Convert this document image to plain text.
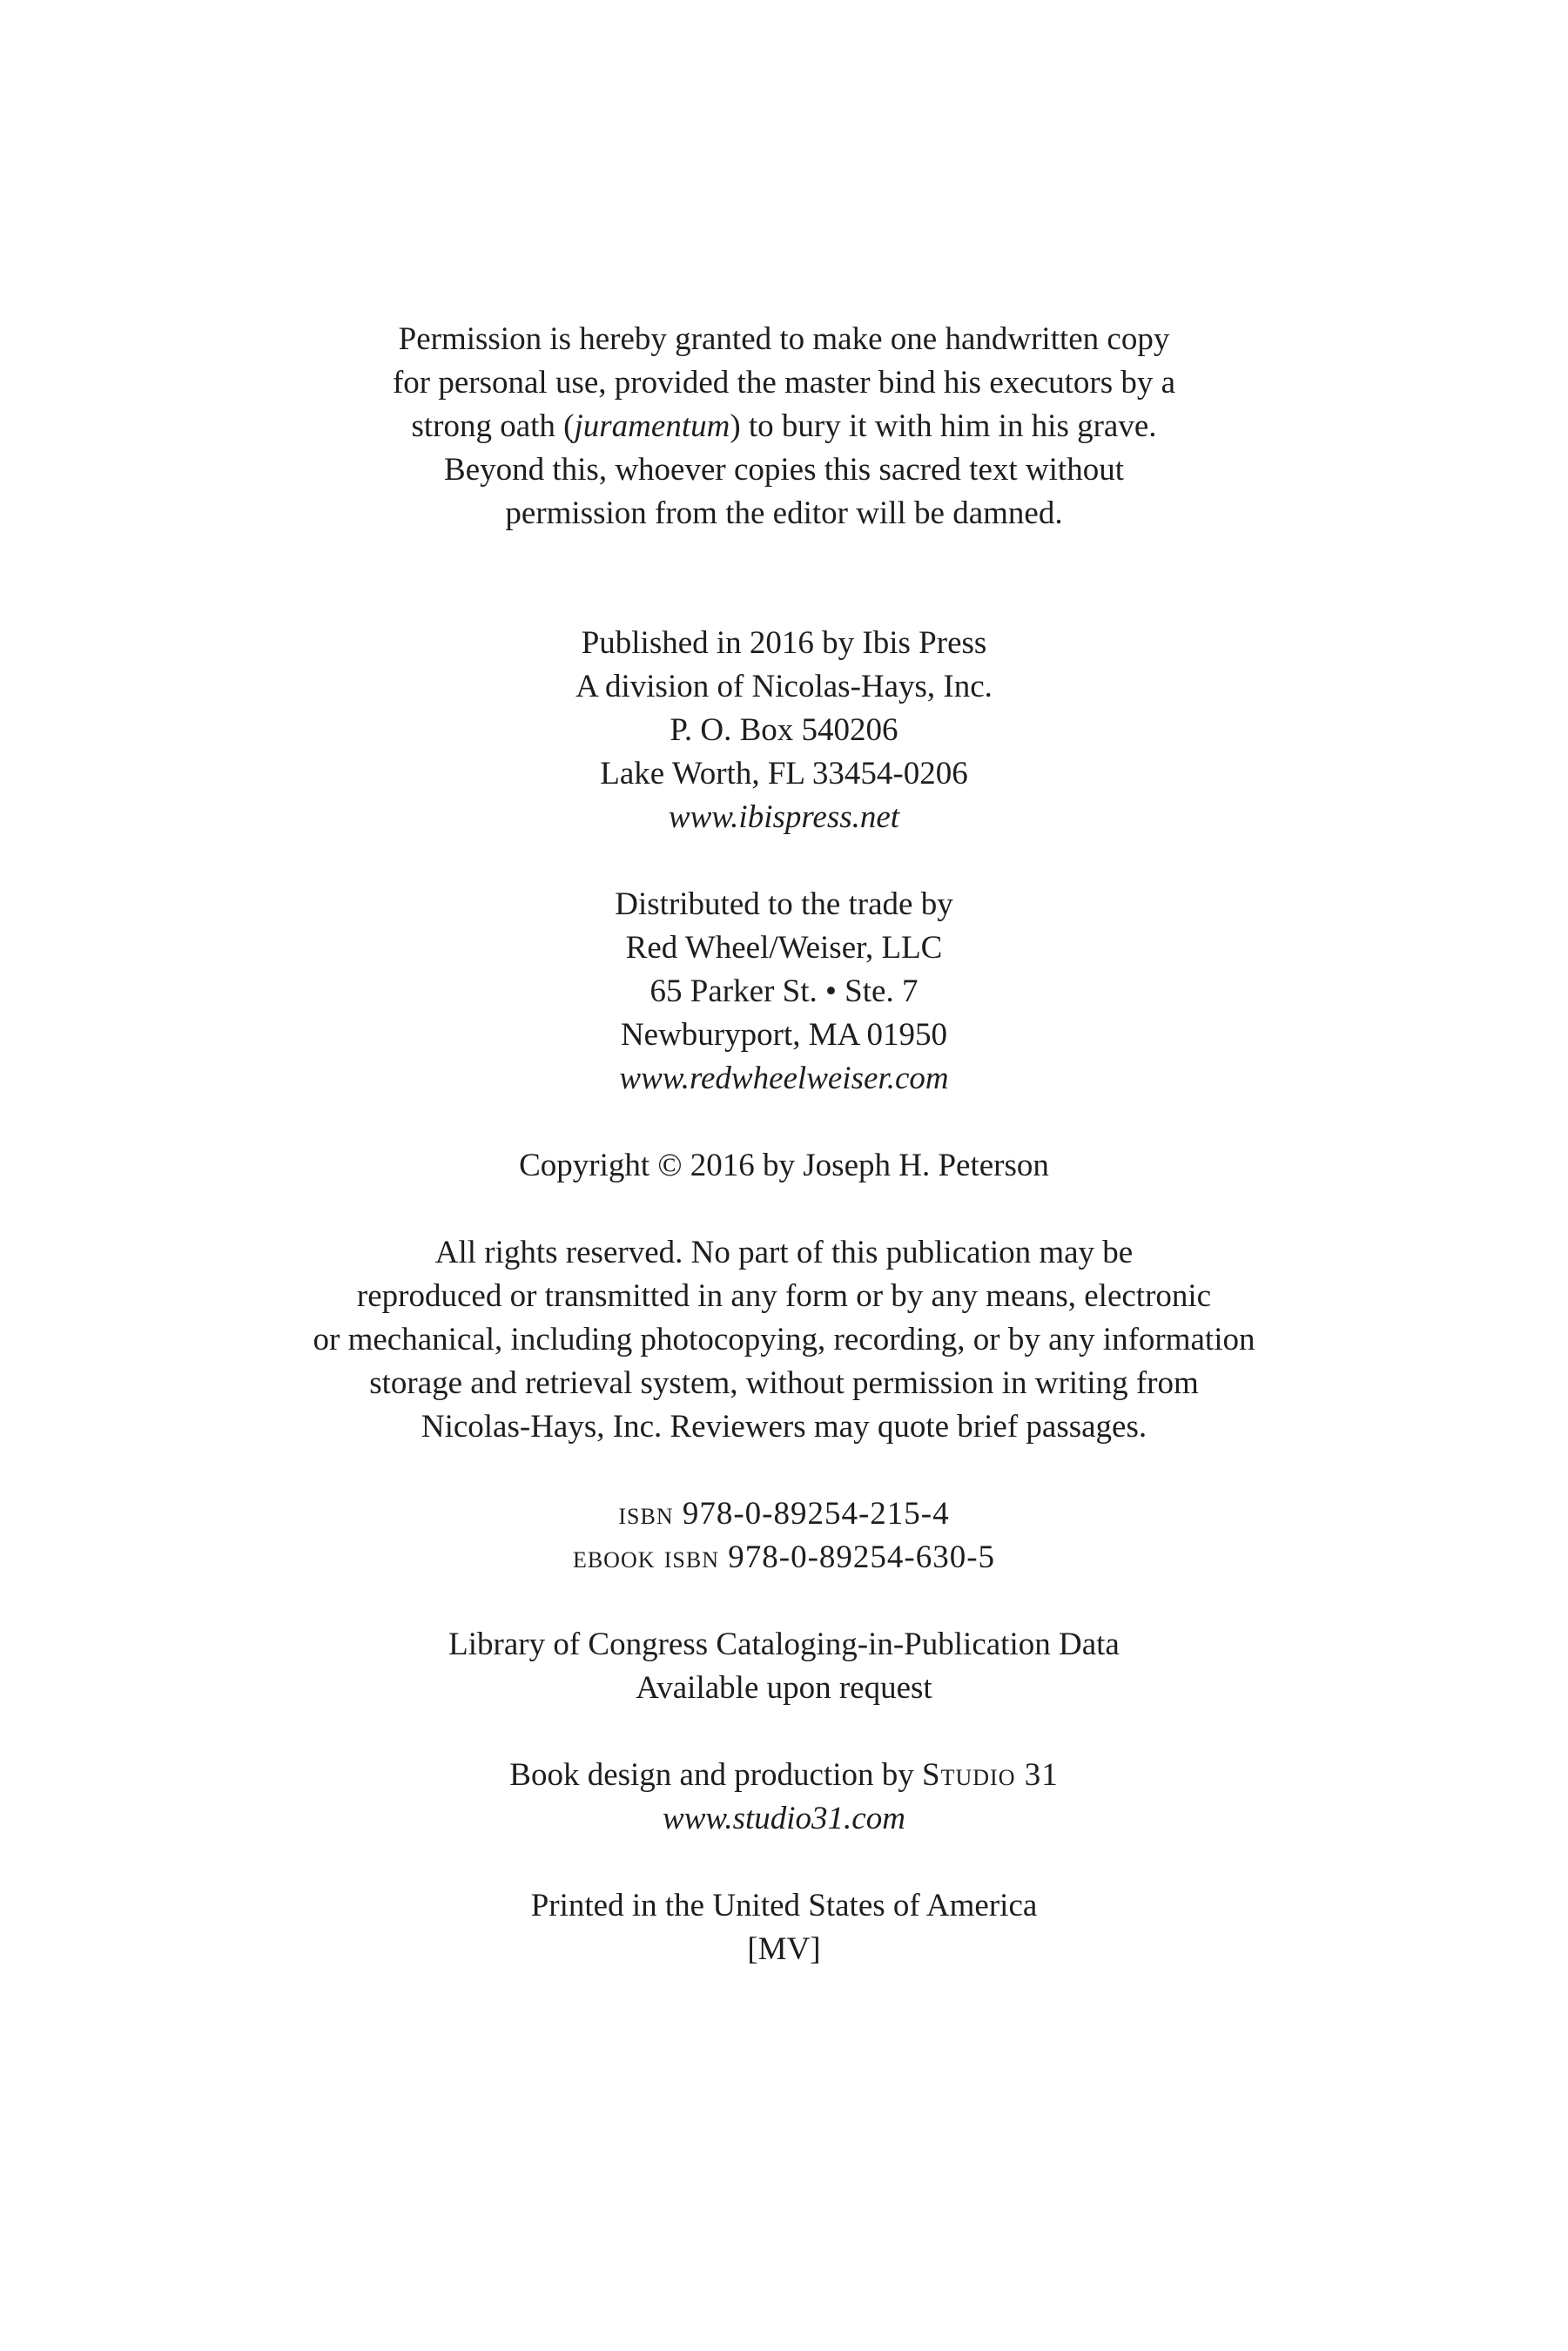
Permission is hereby granted to make one handwritten copy
for personal use, provided the master bind his executors by a
strong oath (juramentum) to bury it with him in his grave.
Beyond this, whoever copies this sacred text without
permission from the editor will be damned.
Published in 2016 by Ibis Press
A division of Nicolas-Hays, Inc.
P. O. Box 540206
Lake Worth, FL 33454-0206
www.ibispress.net
Distributed to the trade by
Red Wheel/Weiser, LLC
65 Parker St. • Ste. 7
Newburyport, MA 01950
www.redwheelweiser.com
Copyright © 2016 by Joseph H. Peterson
All rights reserved. No part of this publication may be
reproduced or transmitted in any form or by any means, electronic
or mechanical, including photocopying, recording, or by any information
storage and retrieval system, without permission in writing from
Nicolas-Hays, Inc. Reviewers may quote brief passages.
isbn 978-0-89254-215-4
ebook isbn 978-0-89254-630-5
Library of Congress Cataloging-in-Publication Data
Available upon request
Book design and production by Studio 31
www.studio31.com
Printed in the United States of America
[MV]
